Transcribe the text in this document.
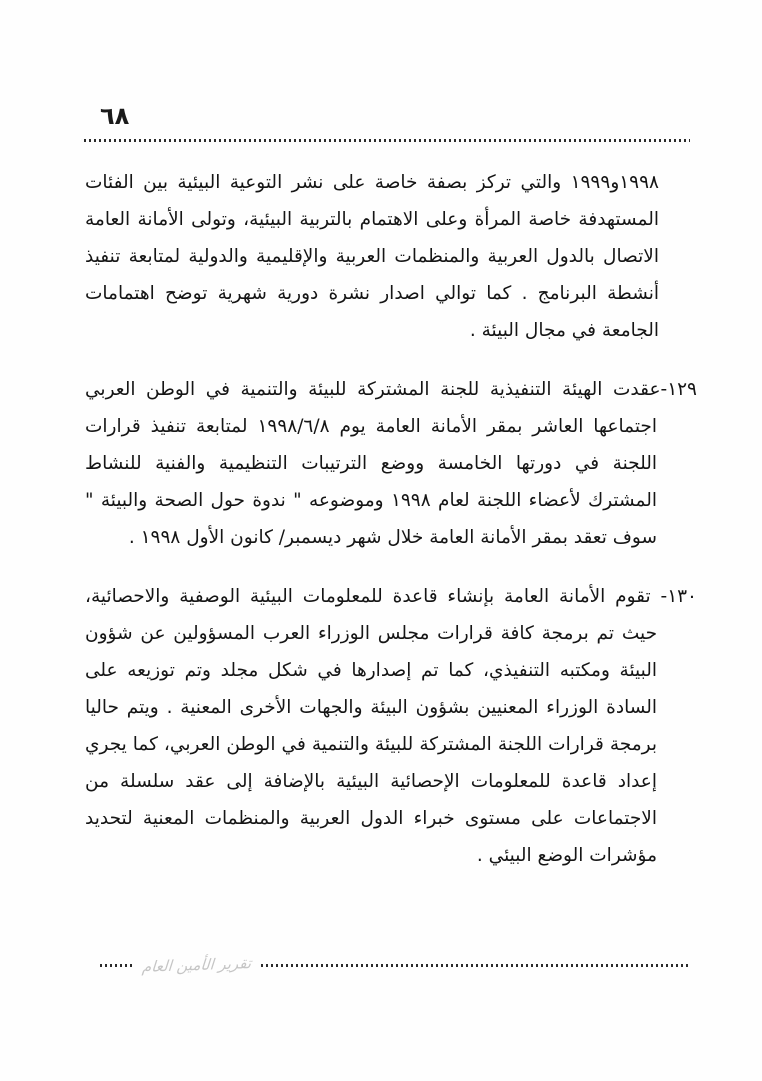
٦٨

١٩٩٨و١٩٩٩ والتي تركز بصفة خاصة على نشر التوعية البيئية بين الفئات المستهدفة خاصة المرأة وعلى الاهتمام بالتربية البيئية، وتولى الأمانة العامة الاتصال بالدول العربية والمنظمات العربية والإقليمية والدولية لمتابعة تنفيذ أنشطة البرنامج . كما توالي اصدار نشرة دورية شهرية توضح اهتمامات الجامعة في مجال البيئة .

١٢٩-عقدت الهيئة التنفيذية للجنة المشتركة للبيئة والتنمية في الوطن العربي اجتماعها العاشر بمقر الأمانة العامة يوم ١٩٩٨/٦/٨ لمتابعة تنفيذ قرارات اللجنة في دورتها الخامسة ووضع الترتيبات التنظيمية والفنية للنشاط المشترك لأعضاء اللجنة لعام ١٩٩٨ وموضوعه " ندوة حول الصحة والبيئة " سوف تعقد بمقر الأمانة العامة خلال شهر ديسمبر/ كانون الأول ١٩٩٨ .

١٣٠- تقوم الأمانة العامة بإنشاء قاعدة للمعلومات البيئية الوصفية والاحصائية، حيث تم برمجة كافة قرارات مجلس الوزراء العرب المسؤولين عن شؤون البيئة ومكتبه التنفيذي، كما تم إصدارها في شكل مجلد وتم توزيعه على السادة الوزراء المعنيين بشؤون البيئة والجهات الأخرى المعنية . ويتم حاليا برمجة قرارات اللجنة المشتركة للبيئة والتنمية في الوطن العربي، كما يجري إعداد قاعدة للمعلومات الإحصائية البيئية بالإضافة إلى عقد سلسلة من الاجتماعات على مستوى خبراء الدول العربية والمنظمات المعنية لتحديد مؤشرات الوضع البيئي .

تقرير الأمين العام
